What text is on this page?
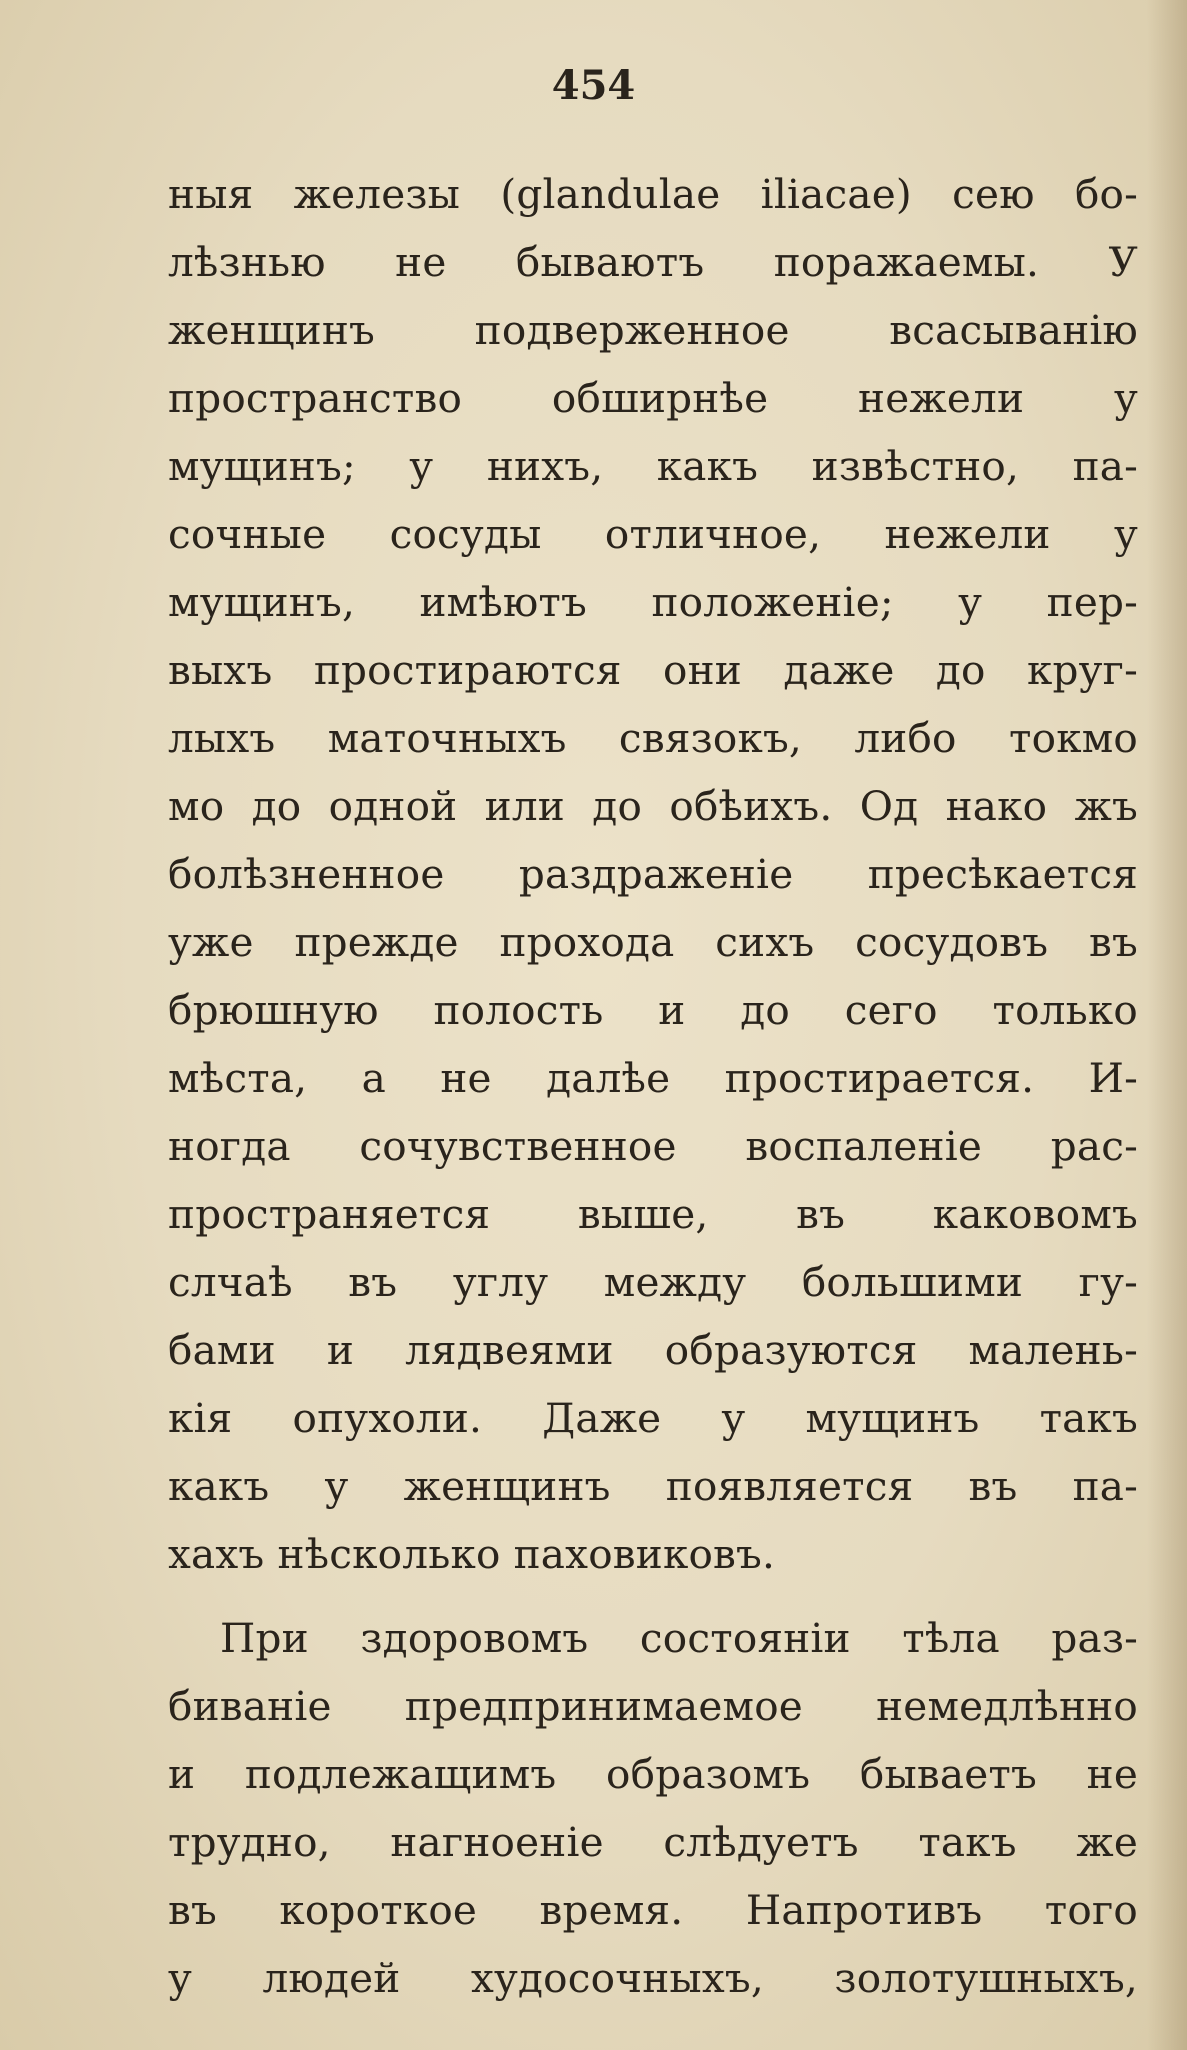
454
ныя железы (glandulae iliacae) сею бо-
лѣзнью не бываютъ поражаемы. У
женщинъ подверженное всасыванію
пространство обширнѣе нежели у
мущинъ; у нихъ, какъ извѣстно, па-
сочные сосуды отличное, нежели у
мущинъ, имѣютъ положеніе; у пер-
выхъ простираются они даже до круг-
лыхъ маточныхъ связокъ, либо токмо
мо до одной или до обѣихъ. Од нако жъ
болѣзненное раздраженіе пресѣкается
уже прежде прохода сихъ сосудовъ въ
брюшную полость и до сего только
мѣста, а не далѣе простирается. И-
ногда сочувственное воспаленіе рас-
пространяется выше, въ каковомъ
слчаѣ въ углу между большими гу-
бами и лядвеями образуются малень-
кія опухоли. Даже у мущинъ такъ
какъ у женщинъ появляется въ па-
хахъ нѣсколько паховиковъ.
При здоровомъ состояніи тѣла раз-
биваніе предпринимаемое немедлѣнно
и подлежащимъ образомъ бываетъ не
трудно, нагноеніе слѣдуетъ такъ же
въ короткое время. Напротивъ того
у людей худосочныхъ, золотушныхъ,
